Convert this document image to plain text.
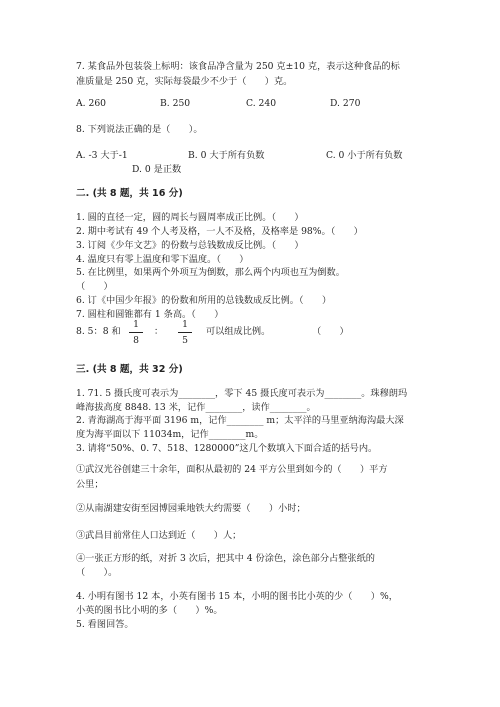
7. 某食品外包装袋上标明：该食品净含量为 250 克±10 克，表示这种食品的标
准质量是 250 克，实际每袋最少不少于（　　）克。
A. 260	B. 250	C. 240	D. 270
8. 下列说法正确的是（　　）。
A. -3 大于-1	B. 0 大于所有负数	C. 0 小于所有负数
D. 0 是正数
二. (共 8 题，共 16 分)
1. 圆的直径一定，圆的周长与圆周率成正比例。（　　）
2. 期中考试有 49 个人考及格，一人不及格，及格率是 98%。（　　）
3. 订阅《少年文艺》的份数与总钱数成反比例。（　　）
4. 温度只有零上温度和零下温度。（　　）
5. 在比例里，如果两个外项互为倒数，那么两个内项也互为倒数。
（　　）
6. 订《中国少年报》的份数和所用的总钱数成反比例。（　　）
7. 圆柱和圆锥都有 1 条高。（　　）
8. 5：8 和
1
8
：
1
5
可以组成比例。	（　　）
三. (共 8 题，共 32 分)
1. 71. 5 摄氏度可表示为________，零下 45 摄氏度可表示为________。珠穆朗玛
峰海拔高度 8848. 13 米，记作________，读作________。
2. 青海湖高于海平面 3196 m，记作________ m；太平洋的马里亚纳海沟最大深
度为海平面以下 11034m，记作________m。
3. 请将“50%、0. 7、518、1280000”这几个数填入下面合适的括号内。
①武汉光谷创建三十余年，面积从最初的 24 平方公里到如今的（　　）平方
公里；
②从南湖建安街至园博园乘地铁大约需要（　　）小时；
③武昌目前常住人口达到近（　　）人；
④一张正方形的纸，对折 3 次后，把其中 4 份涂色，涂色部分占整张纸的
（　　）。
4. 小明有图书 12 本，小英有图书 15 本，小明的图书比小英的少（　　）%，
小英的图书比小明的多（　　）%。
5. 看图回答。
